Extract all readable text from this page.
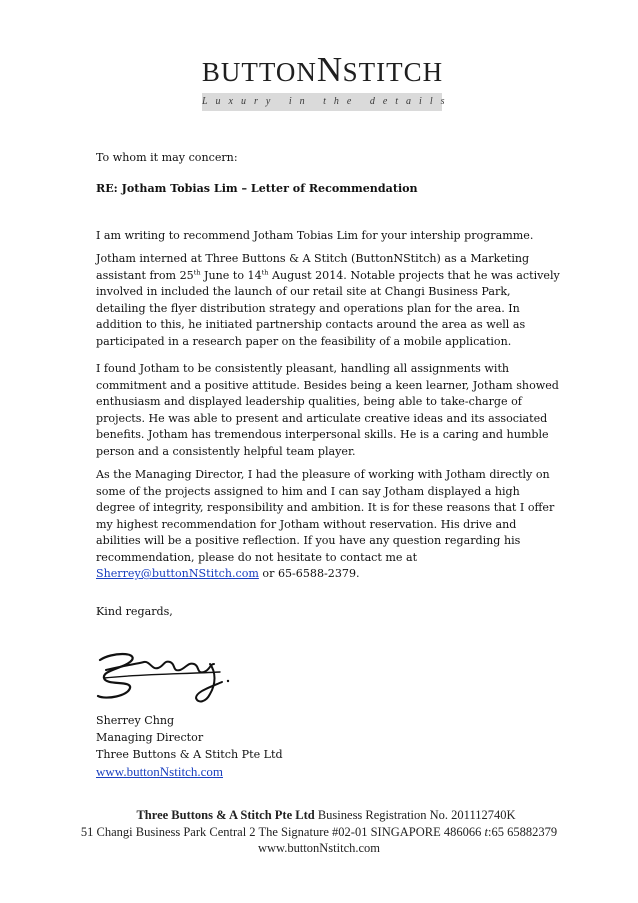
BUTTONNSTITCH
Luxury in the details
To whom it may concern:
RE: Jotham Tobias Lim – Letter of Recommendation
I am writing to recommend Jotham Tobias Lim for your intership programme.

Jotham interned at Three Buttons & A Stitch (ButtonNStitch) as a Marketing assistant from 25th June to 14th August 2014. Notable projects that he was actively involved in included the launch of our retail site at Changi Business Park, detailing the flyer distribution strategy and operations plan for the area. In addition to this, he initiated partnership contacts around the area as well as participated in a research paper on the feasibility of a mobile application.

I found Jotham to be consistently pleasant, handling all assignments with commitment and a positive attitude. Besides being a keen learner, Jotham showed enthusiasm and displayed leadership qualities, being able to take-charge of projects. He was able to present and articulate creative ideas and its associated benefits. Jotham has tremendous interpersonal skills. He is a caring and humble person and a consistently helpful team player.

As the Managing Director, I had the pleasure of working with Jotham directly on some of the projects assigned to him and I can say Jotham displayed a high degree of integrity, responsibility and ambition. It is for these reasons that I offer my highest recommendation for Jotham without reservation. His drive and abilities will be a positive reflection. If you have any question regarding his recommendation, please do not hesitate to contact me at Sherrey@buttonNStitch.com or 65-6588-2379.

Kind regards,
Sherrey Chng
Managing Director
Three Buttons & A Stitch Pte Ltd
www.buttonNstitch.com
Three Buttons & A Stitch Pte Ltd Business Registration No. 201112740K
51 Changi Business Park Central 2 The Signature #02-01 SINGAPORE 486066 t:65 65882379
www.buttonNstitch.com
